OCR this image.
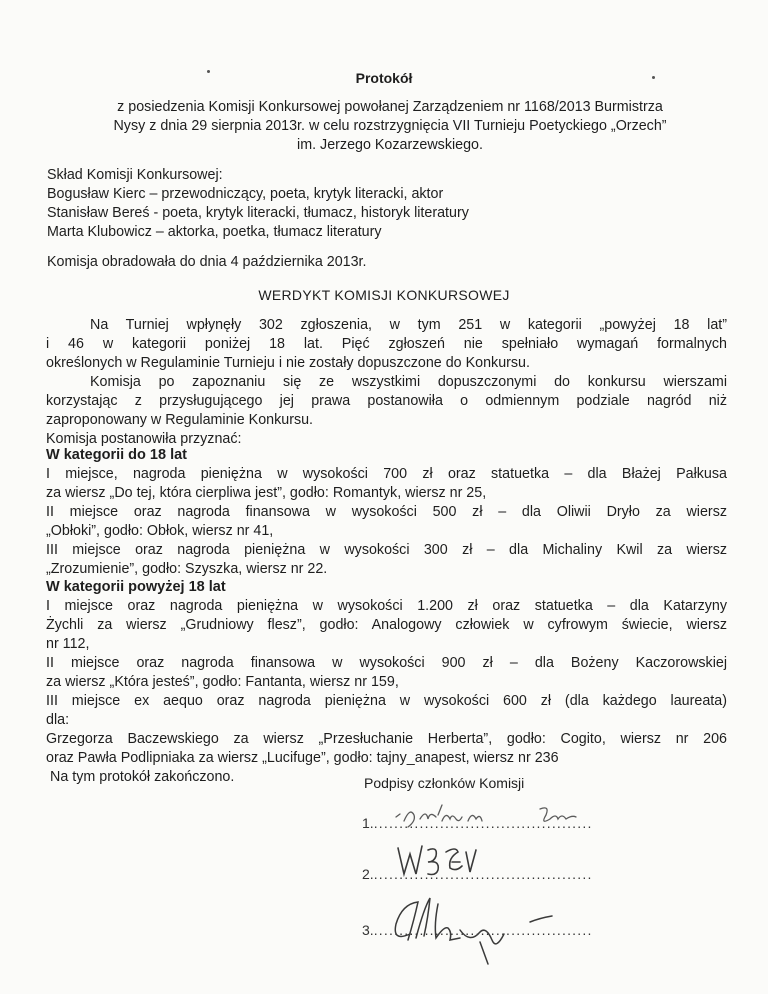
Protokół
z posiedzenia Komisji Konkursowej powołanej Zarządzeniem nr 1168/2013 Burmistrza
Nysy z dnia 29 sierpnia 2013r. w celu rozstrzygnięcia VII Turnieju Poetyckiego „Orzech”
im. Jerzego Kozarzewskiego.
Skład Komisji Konkursowej:
Bogusław Kierc – przewodniczący, poeta, krytyk literacki, aktor
Stanisław Bereś - poeta, krytyk literacki, tłumacz, historyk literatury
Marta Klubowicz – aktorka, poetka, tłumacz literatury
Komisja obradowała do dnia 4 października 2013r.
WERDYKT KOMISJI KONKURSOWEJ
Na Turniej wpłynęły 302 zgłoszenia, w tym 251 w kategorii „powyżej 18 lat”
i 46 w kategorii poniżej 18 lat. Pięć zgłoszeń nie spełniało wymagań formalnych
określonych w Regulaminie Turnieju i nie zostały dopuszczone do Konkursu.
Komisja po zapoznaniu się ze wszystkimi dopuszczonymi do konkursu wierszami
korzystając z przysługującego jej prawa postanowiła o odmiennym podziale nagród niż
zaproponowany w Regulaminie Konkursu.
Komisja postanowiła przyznać:
W kategorii do 18 lat
I miejsce, nagroda pieniężna w wysokości 700 zł oraz statuetka – dla Błażej Pałkusa
za wiersz „Do tej, która cierpliwa jest”, godło: Romantyk, wiersz nr 25,
II miejsce oraz nagroda finansowa w wysokości 500 zł – dla Oliwii Dryło za wiersz
„Obłoki”, godło: Obłok, wiersz nr 41,
III miejsce oraz nagroda pieniężna w wysokości 300 zł – dla Michaliny Kwil za wiersz
„Zrozumienie”, godło: Szyszka, wiersz nr 22.
W kategorii powyżej 18 lat
I miejsce oraz nagroda pieniężna w wysokości 1.200 zł oraz statuetka – dla Katarzyny
Żychli za wiersz „Grudniowy flesz”, godło: Analogowy człowiek w cyfrowym świecie, wiersz
nr 112,
II miejsce oraz nagroda finansowa w wysokości 900 zł – dla Bożeny Kaczorowskiej
za wiersz „Która jesteś”, godło: Fantanta, wiersz nr 159,
III miejsce ex aequo oraz nagroda pieniężna w wysokości 600 zł (dla każdego laureata)
dla:
Grzegorza Baczewskiego za wiersz „Przesłuchanie Herberta”, godło: Cogito, wiersz nr 206
oraz Pawła Podlipniaka za wiersz „Lucifuge”, godło: tajny_anapest, wiersz nr 236
Na tym protokół zakończono.	Podpisy członków Komisji
1............................................
2............................................
3............................................
